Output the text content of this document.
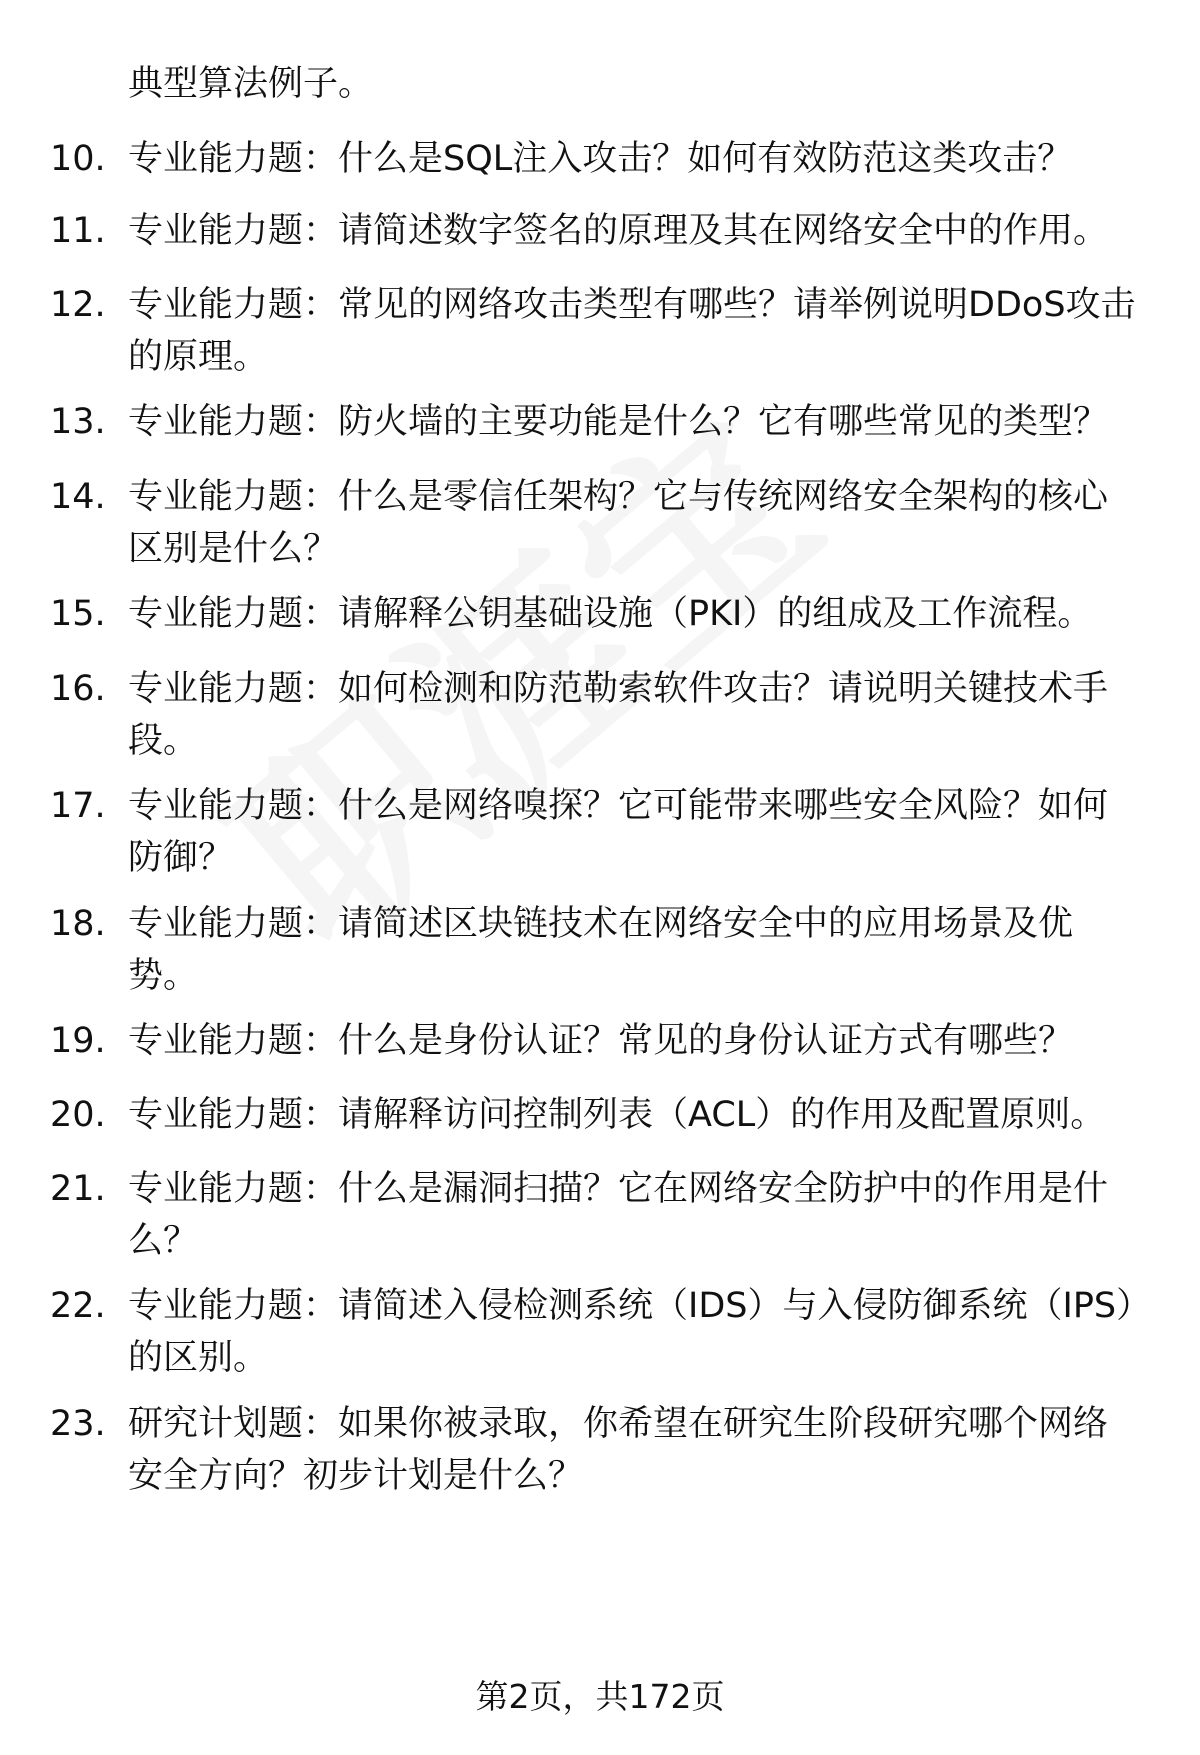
典型算法例子。
10. 专业能力题：什么是SQL注入攻击？如何有效防范这类攻击？
11. 专业能力题：请简述数字签名的原理及其在网络安全中的作用。
12. 专业能力题：常见的网络攻击类型有哪些？请举例说明DDoS攻击的原理。
13. 专业能力题：防火墙的主要功能是什么？它有哪些常见的类型？
14. 专业能力题：什么是零信任架构？它与传统网络安全架构的核心区别是什么？
15. 专业能力题：请解释公钥基础设施（PKI）的组成及工作流程。
16. 专业能力题：如何检测和防范勒索软件攻击？请说明关键技术手段。
17. 专业能力题：什么是网络嗅探？它可能带来哪些安全风险？如何防御？
18. 专业能力题：请简述区块链技术在网络安全中的应用场景及优势。
19. 专业能力题：什么是身份认证？常见的身份认证方式有哪些？
20. 专业能力题：请解释访问控制列表（ACL）的作用及配置原则。
21. 专业能力题：什么是漏洞扫描？它在网络安全防护中的作用是什么？
22. 专业能力题：请简述入侵检测系统（IDS）与入侵防御系统（IPS）的区别。
23. 研究计划题：如果你被录取，你希望在研究生阶段研究哪个网络安全方向？初步计划是什么？
第2页，共172页
